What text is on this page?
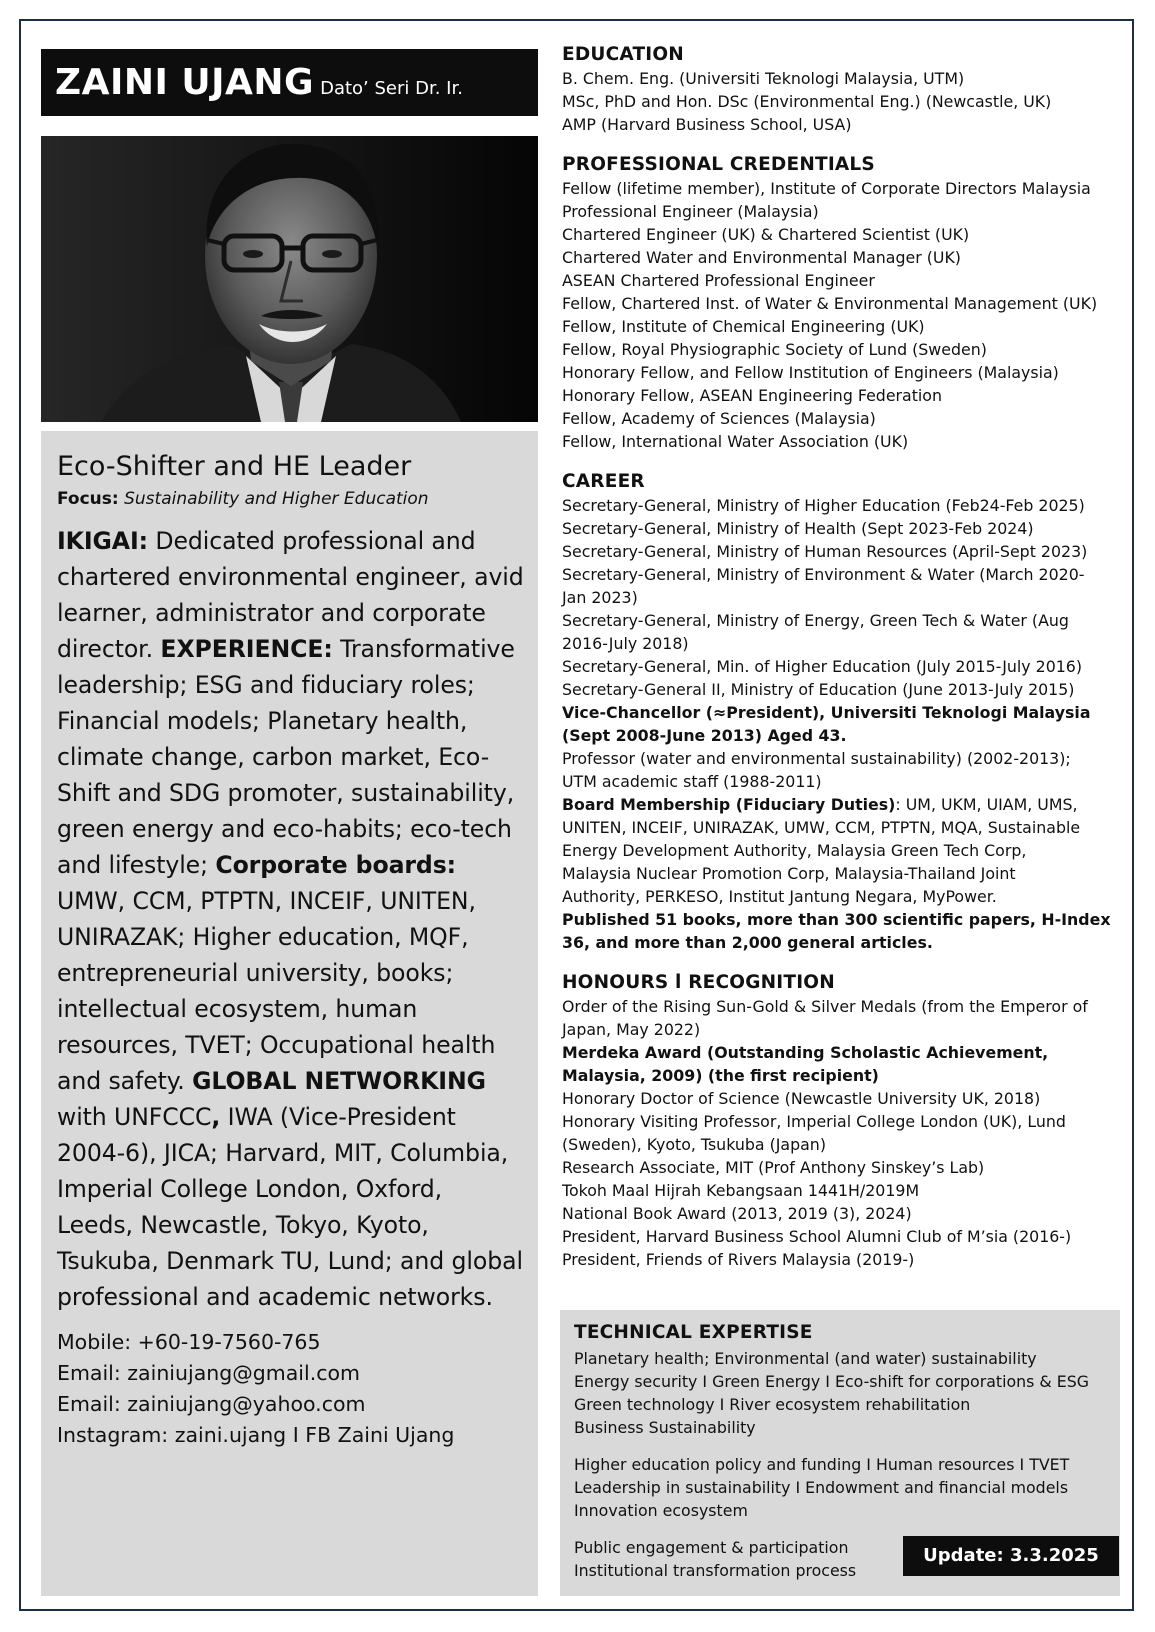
ZAINI UJANG Dato’ Seri Dr. Ir.
Eco-Shifter and HE Leader
Focus: Sustainability and Higher Education

IKIGAI: Dedicated professional and chartered environmental engineer, avid learner, administrator and corporate director. EXPERIENCE: Transformative leadership; ESG and fiduciary roles; Financial models; Planetary health, climate change, carbon market, Eco-Shift and SDG promoter, sustainability, green energy and eco-habits; eco-tech and lifestyle; Corporate boards: UMW, CCM, PTPTN, INCEIF, UNITEN, UNIRAZAK; Higher education, MQF, entrepreneurial university, books; intellectual ecosystem, human resources, TVET; Occupational health and safety. GLOBAL NETWORKING with UNFCCC, IWA (Vice-President 2004-6), JICA; Harvard, MIT, Columbia, Imperial College London, Oxford, Leeds, Newcastle, Tokyo, Kyoto, Tsukuba, Denmark TU, Lund; and global professional and academic networks.

Mobile: +60-19-7560-765
Email: zainiujang@gmail.com
Email: zainiujang@yahoo.com
Instagram: zaini.ujang I FB Zaini Ujang
EDUCATION
B. Chem. Eng. (Universiti Teknologi Malaysia, UTM)
MSc, PhD and Hon. DSc (Environmental Eng.) (Newcastle, UK)
AMP (Harvard Business School, USA)
PROFESSIONAL CREDENTIALS
Fellow (lifetime member), Institute of Corporate Directors Malaysia
Professional Engineer (Malaysia)
Chartered Engineer (UK) & Chartered Scientist (UK)
Chartered Water and Environmental Manager (UK)
ASEAN Chartered Professional Engineer
Fellow, Chartered Inst. of Water & Environmental Management (UK)
Fellow, Institute of Chemical Engineering (UK)
Fellow, Royal Physiographic Society of Lund (Sweden)
Honorary Fellow, and Fellow Institution of Engineers (Malaysia)
Honorary Fellow, ASEAN Engineering Federation
Fellow, Academy of Sciences (Malaysia)
Fellow, International Water Association (UK)
CAREER
Secretary-General, Ministry of Higher Education (Feb24-Feb 2025)
Secretary-General, Ministry of Health (Sept 2023-Feb 2024)
Secretary-General, Ministry of Human Resources (April-Sept 2023)
Secretary-General, Ministry of Environment & Water (March 2020-
Jan 2023)
Secretary-General, Ministry of Energy, Green Tech & Water (Aug
2016-July 2018)
Secretary-General, Min. of Higher Education (July 2015-July 2016)
Secretary-General II, Ministry of Education (June 2013-July 2015)
Vice-Chancellor (≈President), Universiti Teknologi Malaysia
(Sept 2008-June 2013) Aged 43.
Professor (water and environmental sustainability) (2002-2013);
UTM academic staff (1988-2011)
Board Membership (Fiduciary Duties): UM, UKM, UIAM, UMS,
UNITEN, INCEIF, UNIRAZAK, UMW, CCM, PTPTN, MQA, Sustainable
Energy Development Authority, Malaysia Green Tech Corp,
Malaysia Nuclear Promotion Corp, Malaysia-Thailand Joint
Authority, PERKESO, Institut Jantung Negara, MyPower.
Published 51 books, more than 300 scientific papers, H-Index
36, and more than 2,000 general articles.
HONOURS l RECOGNITION
Order of the Rising Sun-Gold & Silver Medals (from the Emperor of
Japan, May 2022)
Merdeka Award (Outstanding Scholastic Achievement,
Malaysia, 2009) (the first recipient)
Honorary Doctor of Science (Newcastle University UK, 2018)
Honorary Visiting Professor, Imperial College London (UK), Lund
(Sweden), Kyoto, Tsukuba (Japan)
Research Associate, MIT (Prof Anthony Sinskey’s Lab)
Tokoh Maal Hijrah Kebangsaan 1441H/2019M
National Book Award (2013, 2019 (3), 2024)
President, Harvard Business School Alumni Club of M’sia (2016-)
President, Friends of Rivers Malaysia (2019-)
TECHNICAL EXPERTISE
Planetary health; Environmental (and water) sustainability
Energy security I Green Energy I Eco-shift for corporations & ESG
Green technology I River ecosystem rehabilitation
Business Sustainability
Higher education policy and funding I Human resources I TVET
Leadership in sustainability I Endowment and financial models
Innovation ecosystem
Public engagement & participation
Institutional transformation process
Update: 3.3.2025
